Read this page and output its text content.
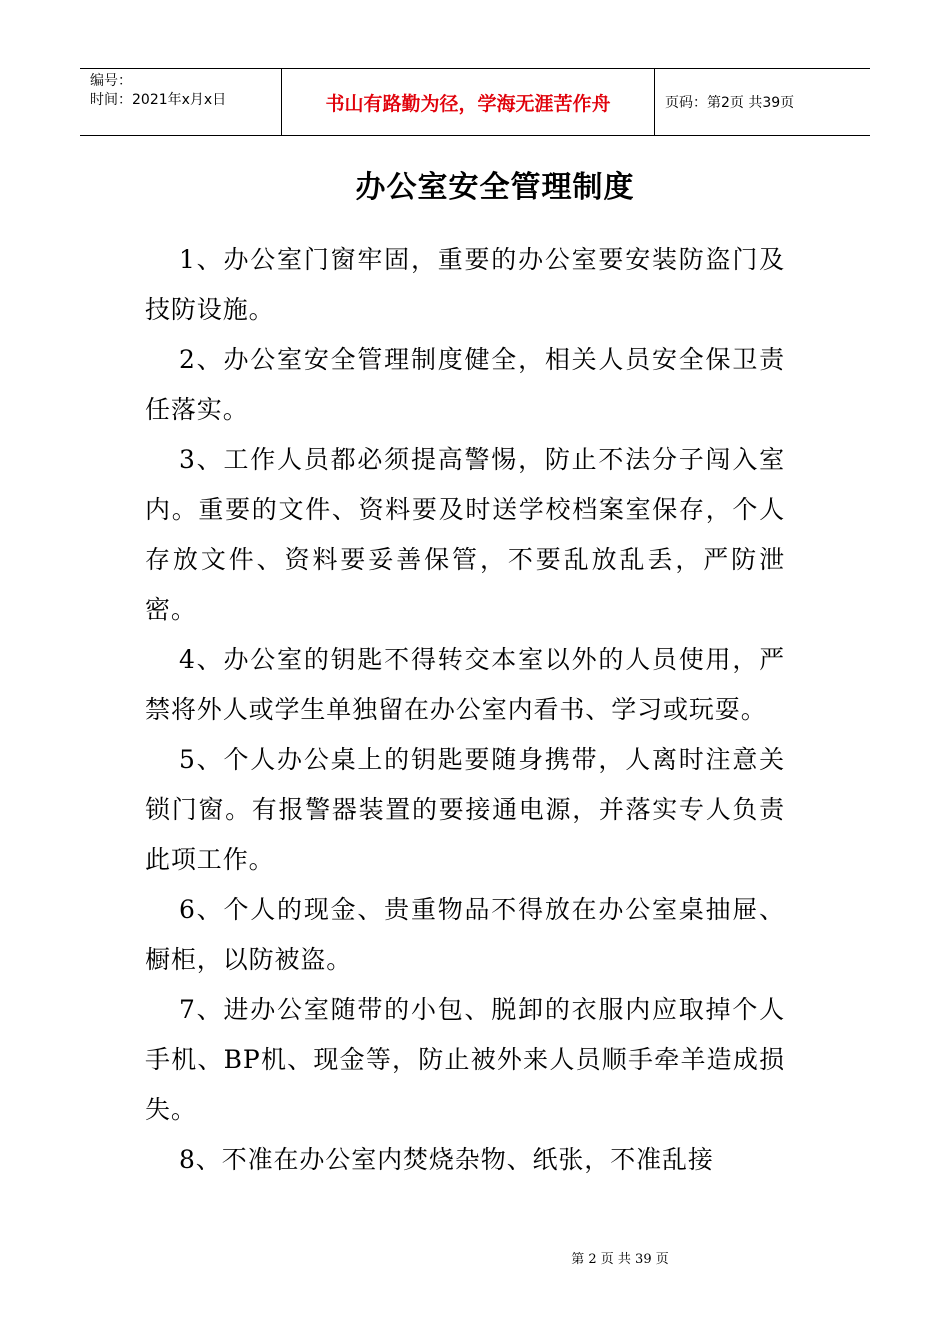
编号：
时间：2021年x月x日	书山有路勤为径，学海无涯苦作舟	页码：第2页 共39页
办公室安全管理制度

1、办公室门窗牢固，重要的办公室要安装防盗门及技防设施。

2、办公室安全管理制度健全，相关人员安全保卫责任落实。

3、工作人员都必须提高警惕，防止不法分子闯入室内。重要的文件、资料要及时送学校档案室保存，个人存放文件、资料要妥善保管，不要乱放乱丢，严防泄密。

4、办公室的钥匙不得转交本室以外的人员使用，严禁将外人或学生单独留在办公室内看书、学习或玩耍。

5、个人办公桌上的钥匙要随身携带，人离时注意关锁门窗。有报警器装置的要接通电源，并落实专人负责此项工作。

6、个人的现金、贵重物品不得放在办公室桌抽屉、橱柜，以防被盗。

7、进办公室随带的小包、脱卸的衣服内应取掉个人手机、BP机、现金等，防止被外来人员顺手牵羊造成损失。

8、不准在办公室内焚烧杂物、纸张，不准乱接

第 2 页 共 39 页
